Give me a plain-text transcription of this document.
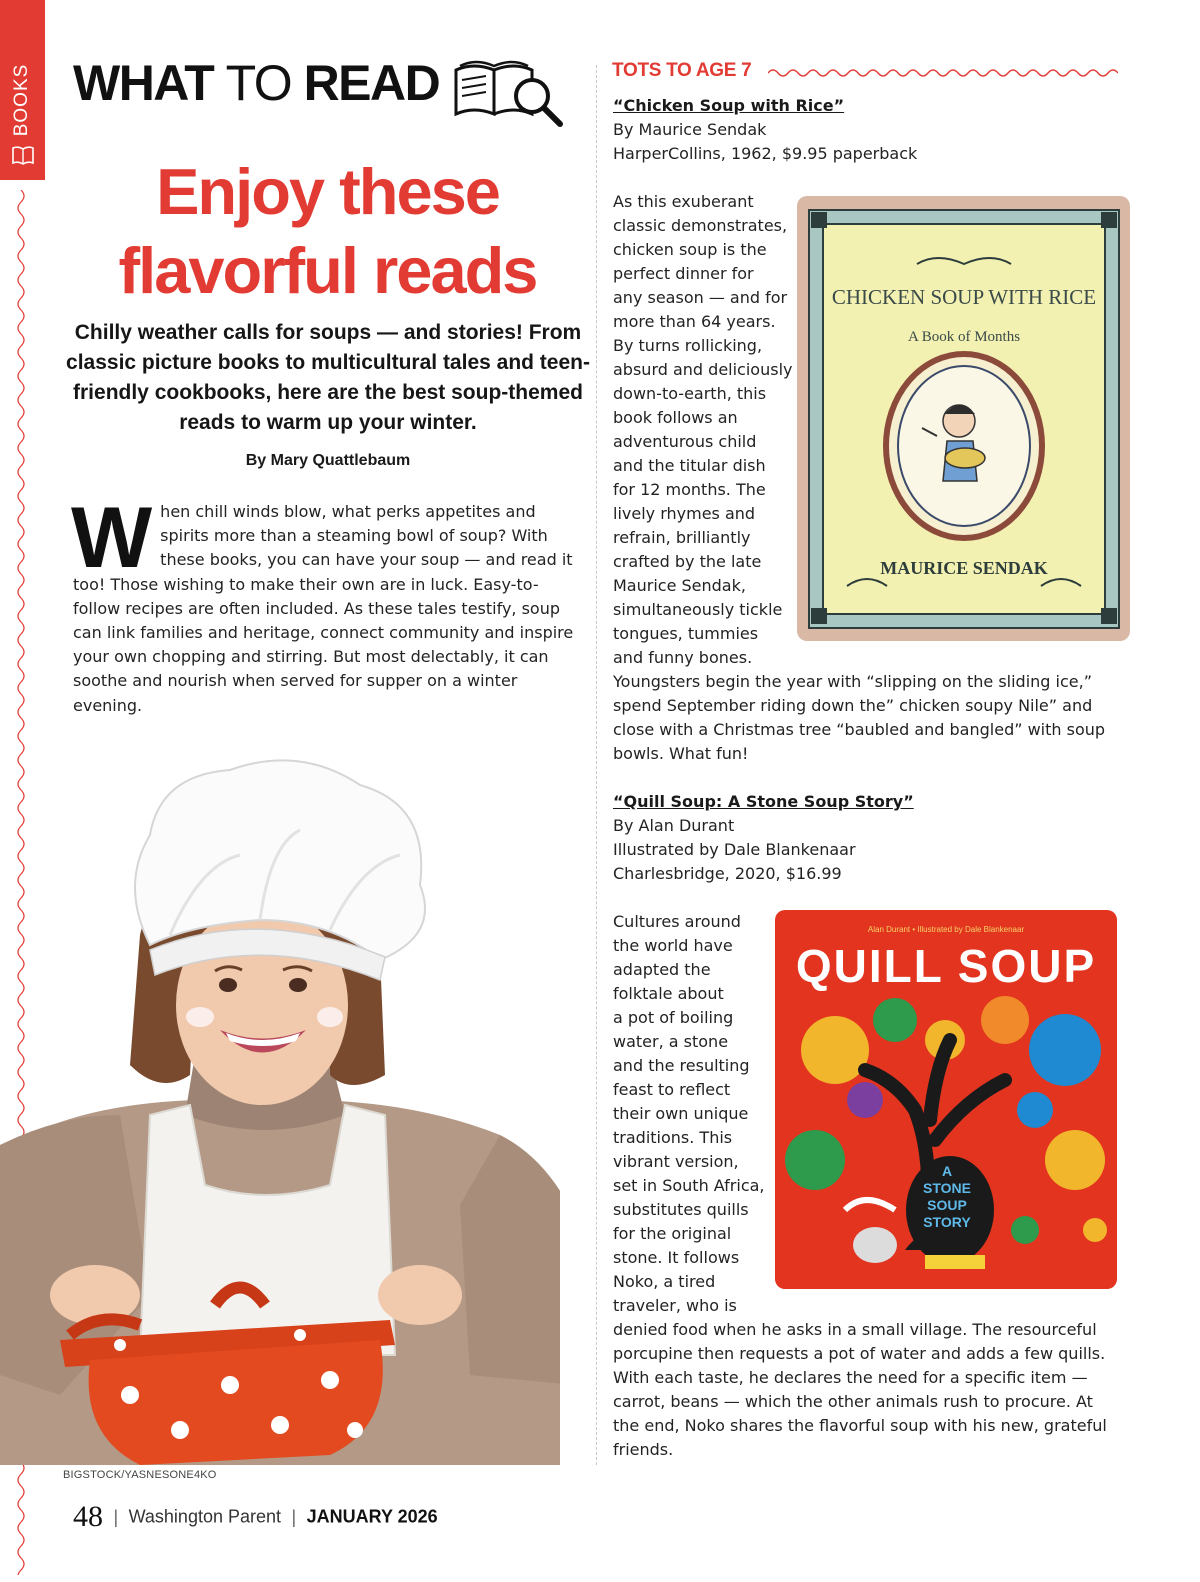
BOOKS WHAT TO READ
Enjoy these
flavorful reads

Chilly weather calls for soups — and stories! From classic picture books to multicultural tales and teen-friendly cookbooks, here are the best soup-themed reads to warm up your winter.

By Mary Quattlebaum

When chill winds blow, what perks appetites and spirits more than a steaming bowl of soup? With these books, you can have your soup — and read it too! Those wishing to make their own are in luck. Easy-to-follow recipes are often included. As these tales testify, soup can link families and heritage, connect community and inspire your own chopping and stirring. But most delectably, it can soothe and nourish when served for supper on a winter evening.
BIGSTOCK/YASNESONE4KO
48 | Washington Parent | JANUARY 2026
TOTS TO AGE 7
“Chicken Soup with Rice”
By Maurice Sendak
HarperCollins, 1962, $9.95 paperback
As this exuberant
classic demonstrates,
chicken soup is the
perfect dinner for
any season — and for
more than 64 years.
By turns rollicking,
absurd and deliciously
down-to-earth, this
book follows an
adventurous child
and the titular dish
for 12 months. The
lively rhymes and
refrain, brilliantly
crafted by the late
Maurice Sendak,
simultaneously tickle
tongues, tummies
and funny bones.
Youngsters begin the year with “slipping on the sliding ice,”
spend September riding down the” chicken soupy Nile” and
close with a Christmas tree “baubled and bangled” with soup
bowls. What fun!
CHICKEN SOUP WITH RICE
A Book of Months
MAURICE SENDAK
“Quill Soup: A Stone Soup Story”
By Alan Durant
Illustrated by Dale Blankenaar
Charlesbridge, 2020, $16.99
Cultures around
the world have
adapted the
folktale about
a pot of boiling
water, a stone
and the resulting
feast to reflect
their own unique
traditions. This
vibrant version,
set in South Africa,
substitutes quills
for the original
stone. It follows
Noko, a tired
traveler, who is
denied food when he asks in a small village. The resourceful
porcupine then requests a pot of water and adds a few quills.
With each taste, he declares the need for a specific item —
carrot, beans — which the other animals rush to procure. At
the end, Noko shares the flavorful soup with his new, grateful
friends.
Alan Durant • Illustrated by Dale Blankenaar
QUILL SOUP
A
STONE
SOUP
STORY
